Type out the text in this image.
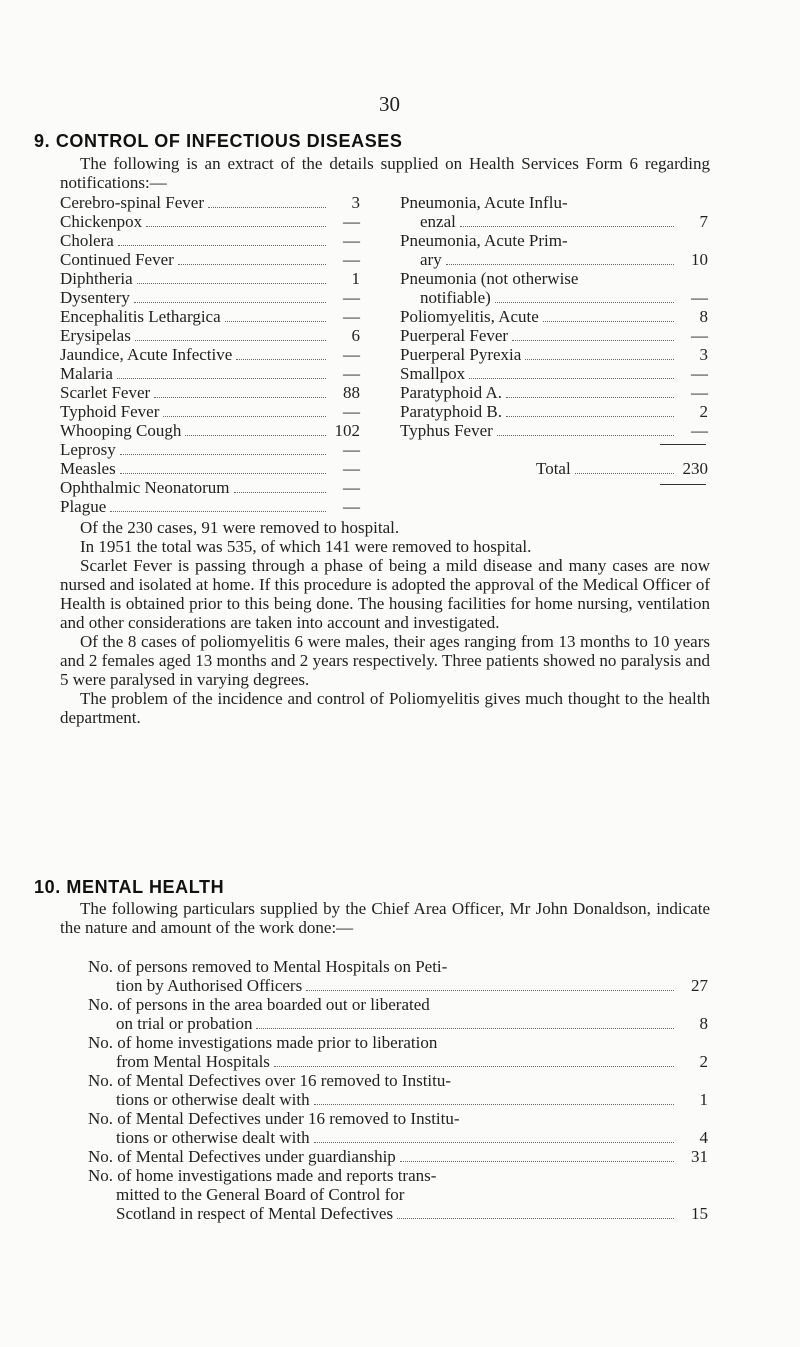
30
9. CONTROL OF INFECTIOUS DISEASES

The following is an extract of the details supplied on Health Services Form 6 regarding notifications:—

Cerebro-spinal Fever	3
Chickenpox	—
Cholera	—
Continued Fever	—
Diphtheria	1
Dysentery	—
Encephalitis Lethargica	—
Erysipelas	6
Jaundice, Acute Infective	—
Malaria	—
Scarlet Fever	88
Typhoid Fever	—
Whooping Cough	102
Leprosy	—
Measles	—
Ophthalmic Neonatorum	—
Plague	—
Pneumonia, Acute Influ-
enzal	7
Pneumonia, Acute Prim-
ary	10
Pneumonia (not otherwise
notifiable)	—
Poliomyelitis, Acute	8
Puerperal Fever	—
Puerperal Pyrexia	3
Smallpox	—
Paratyphoid A.	—
Paratyphoid B.	2
Typhus Fever	—
Total	230

Of the 230 cases, 91 were removed to hospital.

In 1951 the total was 535, of which 141 were removed to hospital.

Scarlet Fever is passing through a phase of being a mild disease and many cases are now nursed and isolated at home. If this procedure is adopted the approval of the Medical Officer of Health is obtained prior to this being done. The housing facilities for home nursing, ventilation and other considerations are taken into account and investigated.

Of the 8 cases of poliomyelitis 6 were males, their ages ranging from 13 months to 10 years and 2 females aged 13 months and 2 years respectively. Three patients showed no paralysis and 5 were paralysed in varying degrees.

The problem of the incidence and control of Poliomyelitis gives much thought to the health department.

10. MENTAL HEALTH

The following particulars supplied by the Chief Area Officer, Mr John Donaldson, indicate the nature and amount of the work done:—

No. of persons removed to Mental Hospitals on Peti-
tion by Authorised Officers	27
No. of persons in the area boarded out or liberated
on trial or probation	8
No. of home investigations made prior to liberation
from Mental Hospitals	2
No. of Mental Defectives over 16 removed to Institu-
tions or otherwise dealt with	1
No. of Mental Defectives under 16 removed to Institu-
tions or otherwise dealt with	4
No. of Mental Defectives under guardianship	31
No. of home investigations made and reports trans-
mitted to the General Board of Control for
Scotland in respect of Mental Defectives	15
